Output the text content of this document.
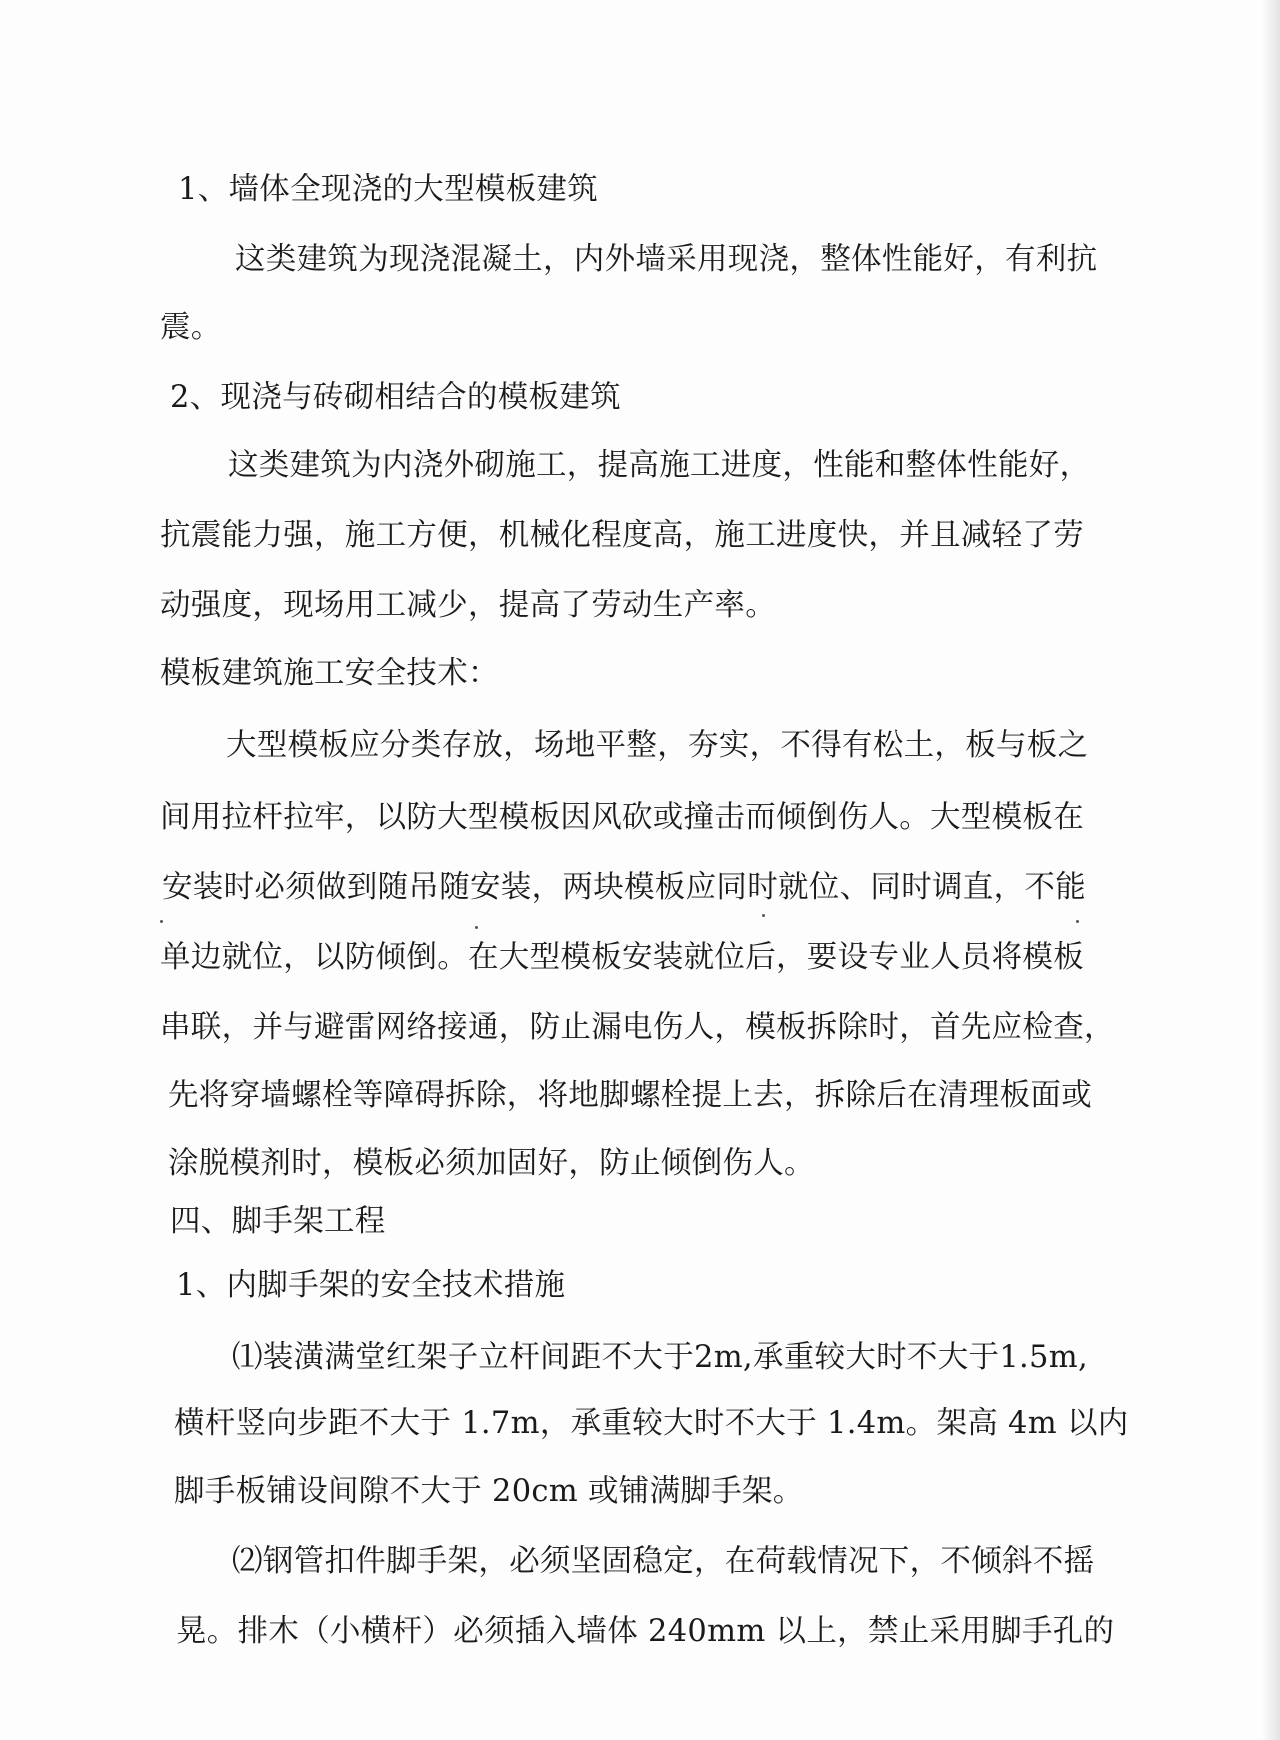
1、墙体全现浇的大型模板建筑
这类建筑为现浇混凝土，内外墙采用现浇，整体性能好，有利抗
震。
2、现浇与砖砌相结合的模板建筑
这类建筑为内浇外砌施工，提高施工进度，性能和整体性能好，
抗震能力强，施工方便，机械化程度高，施工进度快，并且减轻了劳
动强度，现场用工减少，提高了劳动生产率。
模板建筑施工安全技术：
大型模板应分类存放，场地平整，夯实，不得有松土，板与板之
间用拉杆拉牢，以防大型模板因风砍或撞击而倾倒伤人。大型模板在
安装时必须做到随吊随安装，两块模板应同时就位、同时调直，不能
单边就位，以防倾倒。在大型模板安装就位后，要设专业人员将模板
串联，并与避雷网络接通，防止漏电伤人，模板拆除时，首先应检查，
先将穿墙螺栓等障碍拆除，将地脚螺栓提上去，拆除后在清理板面或
涂脱模剂时，模板必须加固好，防止倾倒伤人。
四、脚手架工程
1、内脚手架的安全技术措施
⑴装潢满堂红架子立杆间距不大于2m,承重较大时不大于1.5m,
横杆竖向步距不大于 1.7m，承重较大时不大于 1.4m。架高 4m 以内
脚手板铺设间隙不大于 20cm 或铺满脚手架。
⑵钢管扣件脚手架，必须坚固稳定，在荷载情况下，不倾斜不摇
晃。排木（小横杆）必须插入墙体 240mm 以上，禁止采用脚手孔的
